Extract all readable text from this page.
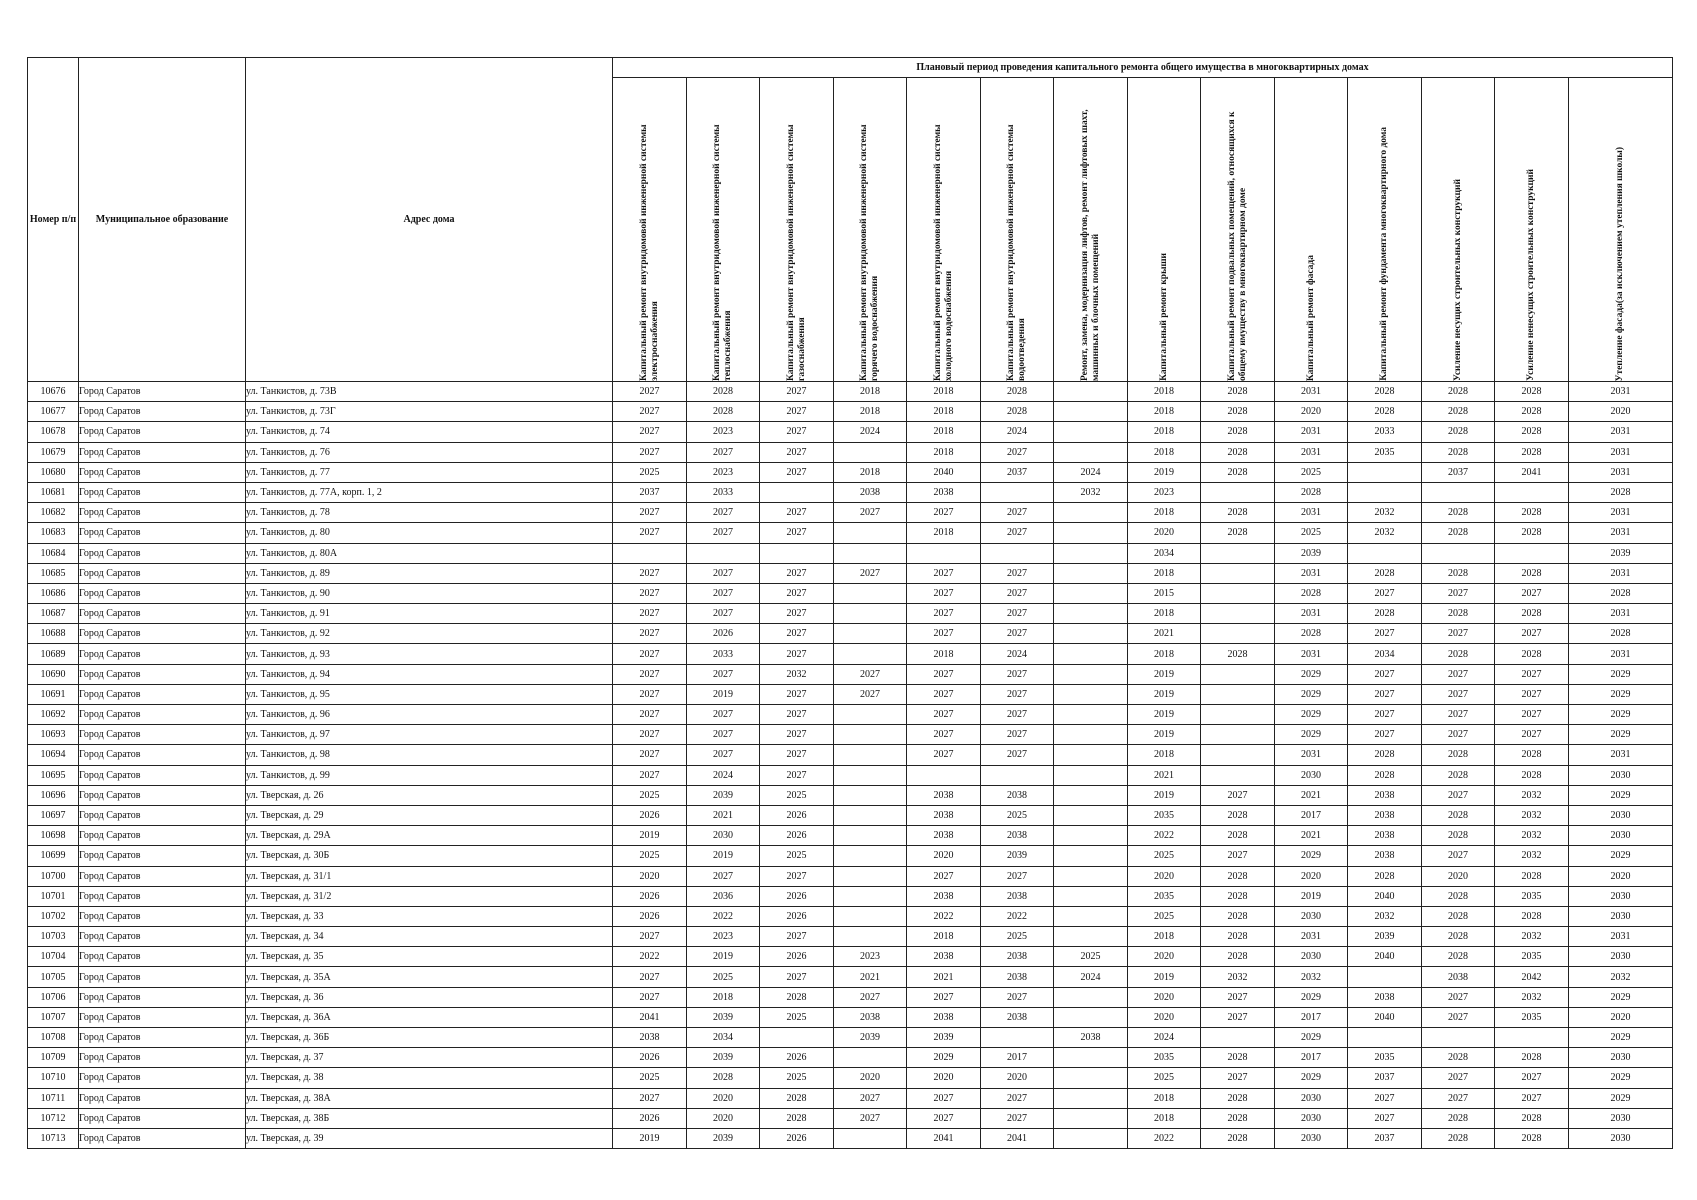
Номер п/п	Муниципальное образование	Адрес дома	Плановый период проведения капитального ремонта общего имущества в многоквартирных домах													

			Капитальный ремонт внутридомовой инженерной системы электроснабжения	Капитальный ремонт внутридомовой инженерной системы теплоснабжения	Капитальный ремонт внутридомовой инженерной системы газоснабжения	Капитальный ремонт внутридомовой инженерной системы горячего водоснабжения	Капитальный ремонт внутридомовой инженерной системы холодного водоснабжения	Капитальный ремонт внутридомовой инженерной системы водоотведения	Ремонт, замена, модернизация лифтов, ремонт лифтовых шахт, машинных и блочных помещений	Капитальный ремонт крыши	Капитальный ремонт подвальных помещений, относящихся к общему имуществу в многоквартирном доме	Капитальный ремонт фасада	Капитальный ремонт фундамента многоквартирного дома	Усиление несущих строительных конструкций	Усиление ненесущих строительных конструкций	Утепление фасада(за исключением утепления школы)

10676	Город Саратов	ул. Танкистов, д. 73В	2027	2028	2027	2018	2018	2028		2018	2028	2031	2028	2028	2028	2031
10677	Город Саратов	ул. Танкистов, д. 73Г	2027	2028	2027	2018	2018	2028		2018	2028	2020	2028	2028	2028	2020
10678	Город Саратов	ул. Танкистов, д. 74	2027	2023	2027	2024	2018	2024		2018	2028	2031	2033	2028	2028	2031
10679	Город Саратов	ул. Танкистов, д. 76	2027	2027	2027		2018	2027		2018	2028	2031	2035	2028	2028	2031
10680	Город Саратов	ул. Танкистов, д. 77	2025	2023	2027	2018	2040	2037	2024	2019	2028	2025		2037	2041	2031
10681	Город Саратов	ул. Танкистов, д. 77А, корп. 1, 2	2037	2033		2038	2038		2032	2023		2028				2028
10682	Город Саратов	ул. Танкистов, д. 78	2027	2027	2027	2027	2027	2027		2018	2028	2031	2032	2028	2028	2031
10683	Город Саратов	ул. Танкистов, д. 80	2027	2027	2027		2018	2027		2020	2028	2025	2032	2028	2028	2031
10684	Город Саратов	ул. Танкистов, д. 80А								2034		2039				2039
10685	Город Саратов	ул. Танкистов, д. 89	2027	2027	2027	2027	2027	2027		2018		2031	2028	2028	2028	2031
10686	Город Саратов	ул. Танкистов, д. 90	2027	2027	2027		2027	2027		2015		2028	2027	2027	2027	2028
10687	Город Саратов	ул. Танкистов, д. 91	2027	2027	2027		2027	2027		2018		2031	2028	2028	2028	2031
10688	Город Саратов	ул. Танкистов, д. 92	2027	2026	2027		2027	2027		2021		2028	2027	2027	2027	2028
10689	Город Саратов	ул. Танкистов, д. 93	2027	2033	2027		2018	2024		2018	2028	2031	2034	2028	2028	2031
10690	Город Саратов	ул. Танкистов, д. 94	2027	2027	2032	2027	2027	2027		2019		2029	2027	2027	2027	2029
10691	Город Саратов	ул. Танкистов, д. 95	2027	2019	2027	2027	2027	2027		2019		2029	2027	2027	2027	2029
10692	Город Саратов	ул. Танкистов, д. 96	2027	2027	2027		2027	2027		2019		2029	2027	2027	2027	2029
10693	Город Саратов	ул. Танкистов, д. 97	2027	2027	2027		2027	2027		2019		2029	2027	2027	2027	2029
10694	Город Саратов	ул. Танкистов, д. 98	2027	2027	2027		2027	2027		2018		2031	2028	2028	2028	2031
10695	Город Саратов	ул. Танкистов, д. 99	2027	2024	2027					2021		2030	2028	2028	2028	2030
10696	Город Саратов	ул. Тверская, д. 26	2025	2039	2025		2038	2038		2019	2027	2021	2038	2027	2032	2029
10697	Город Саратов	ул. Тверская, д. 29	2026	2021	2026		2038	2025		2035	2028	2017	2038	2028	2032	2030
10698	Город Саратов	ул. Тверская, д. 29А	2019	2030	2026		2038	2038		2022	2028	2021	2038	2028	2032	2030
10699	Город Саратов	ул. Тверская, д. 30Б	2025	2019	2025		2020	2039		2025	2027	2029	2038	2027	2032	2029
10700	Город Саратов	ул. Тверская, д. 31/1	2020	2027	2027		2027	2027		2020	2028	2020	2028	2020	2028	2020
10701	Город Саратов	ул. Тверская, д. 31/2	2026	2036	2026		2038	2038		2035	2028	2019	2040	2028	2035	2030
10702	Город Саратов	ул. Тверская, д. 33	2026	2022	2026		2022	2022		2025	2028	2030	2032	2028	2028	2030
10703	Город Саратов	ул. Тверская, д. 34	2027	2023	2027		2018	2025		2018	2028	2031	2039	2028	2032	2031
10704	Город Саратов	ул. Тверская, д. 35	2022	2019	2026	2023	2038	2038	2025	2020	2028	2030	2040	2028	2035	2030
10705	Город Саратов	ул. Тверская, д. 35А	2027	2025	2027	2021	2021	2038	2024	2019	2032	2032		2038	2042	2032
10706	Город Саратов	ул. Тверская, д. 36	2027	2018	2028	2027	2027	2027		2020	2027	2029	2038	2027	2032	2029
10707	Город Саратов	ул. Тверская, д. 36А	2041	2039	2025	2038	2038	2038		2020	2027	2017	2040	2027	2035	2020
10708	Город Саратов	ул. Тверская, д. 36Б	2038	2034		2039	2039		2038	2024		2029				2029
10709	Город Саратов	ул. Тверская, д. 37	2026	2039	2026		2029	2017		2035	2028	2017	2035	2028	2028	2030
10710	Город Саратов	ул. Тверская, д. 38	2025	2028	2025	2020	2020	2020		2025	2027	2029	2037	2027	2027	2029
10711	Город Саратов	ул. Тверская, д. 38А	2027	2020	2028	2027	2027	2027		2018	2028	2030	2027	2027	2027	2029
10712	Город Саратов	ул. Тверская, д. 38Б	2026	2020	2028	2027	2027	2027		2018	2028	2030	2027	2028	2028	2030
10713	Город Саратов	ул. Тверская, д. 39	2019	2039	2026		2041	2041		2022	2028	2030	2037	2028	2028	2030
